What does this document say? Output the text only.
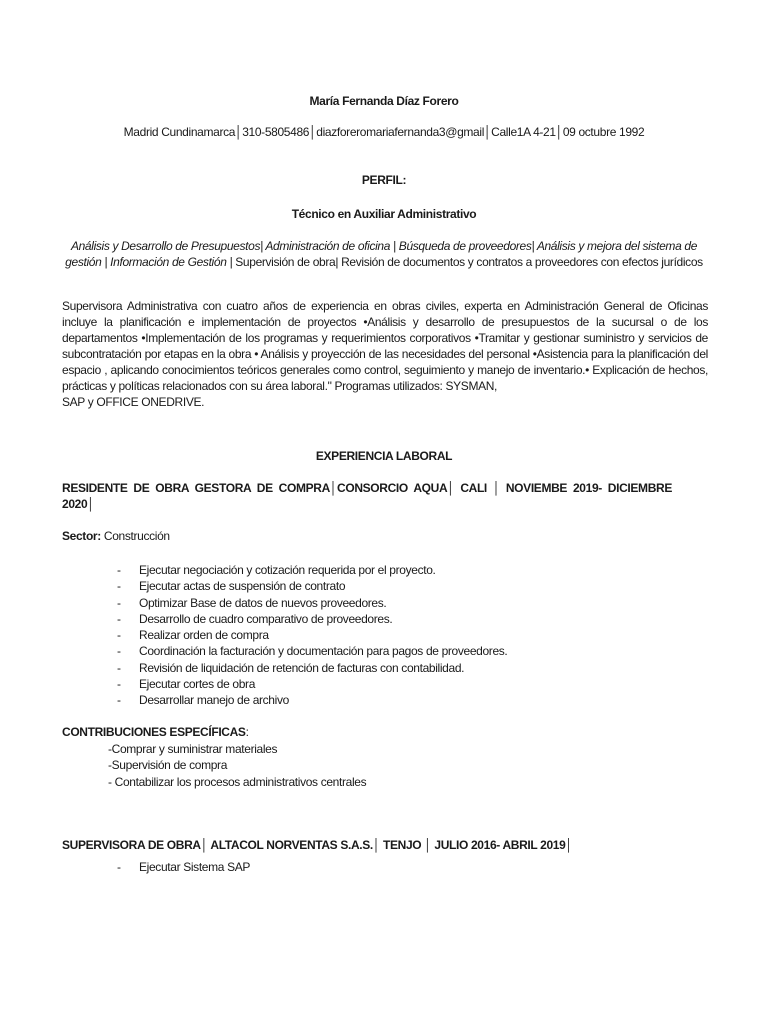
María Fernanda Díaz Forero
Madrid Cundinamarca│310-5805486│diazforeromariafernanda3@gmail│Calle1A 4-21│09 octubre 1992
PERFIL:
Técnico en Auxiliar Administrativo
Análisis y Desarrollo de Presupuestos| Administración de oficina | Búsqueda de proveedores| Análisis y mejora del sistema de gestión | Información de Gestión | Supervisión de obra| Revisión de documentos y contratos a proveedores con efectos jurídicos

Supervisora Administrativa con cuatro años de experiencia en obras civiles, experta en Administración General de Oficinas incluye la planificación e implementación de proyectos •Análisis y desarrollo de presupuestos de la sucursal o de los departamentos •Implementación de los programas y requerimientos corporativos •Tramitar y gestionar suministro y servicios de subcontratación por etapas en la obra • Análisis y proyección de las necesidades del personal •Asistencia para la planificación del espacio , aplicando conocimientos teóricos generales como control, seguimiento y manejo de inventario.• Explicación de hechos, prácticas y políticas relacionados con su área laboral." Programas utilizados: SYSMAN,

SAP y OFFICE ONEDRIVE.

EXPERIENCIA LABORAL
RESIDENTE DE OBRA GESTORA DE COMPRA│CONSORCIO AQUA│ CALI │ NOVIEMBE 2019- DICIEMBRE 2020│
Sector: Construcción
- Ejecutar negociación y cotización requerida por el proyecto.
- Ejecutar actas de suspensión de contrato
- Optimizar Base de datos de nuevos proveedores.
- Desarrollo de cuadro comparativo de proveedores.
- Realizar orden de compra
- Coordinación la facturación y documentación para pagos de proveedores.
- Revisión de liquidación de retención de facturas con contabilidad.
- Ejecutar cortes de obra
- Desarrollar manejo de archivo
CONTRIBUCIONES ESPECÍFICAS:
-Comprar y suministrar materiales
-Supervisión de compra
- Contabilizar los procesos administrativos centrales
SUPERVISORA DE OBRA│ ALTACOL NORVENTAS S.A.S.│ TENJO │ JULIO 2016- ABRIL 2019│
- Ejecutar Sistema SAP
